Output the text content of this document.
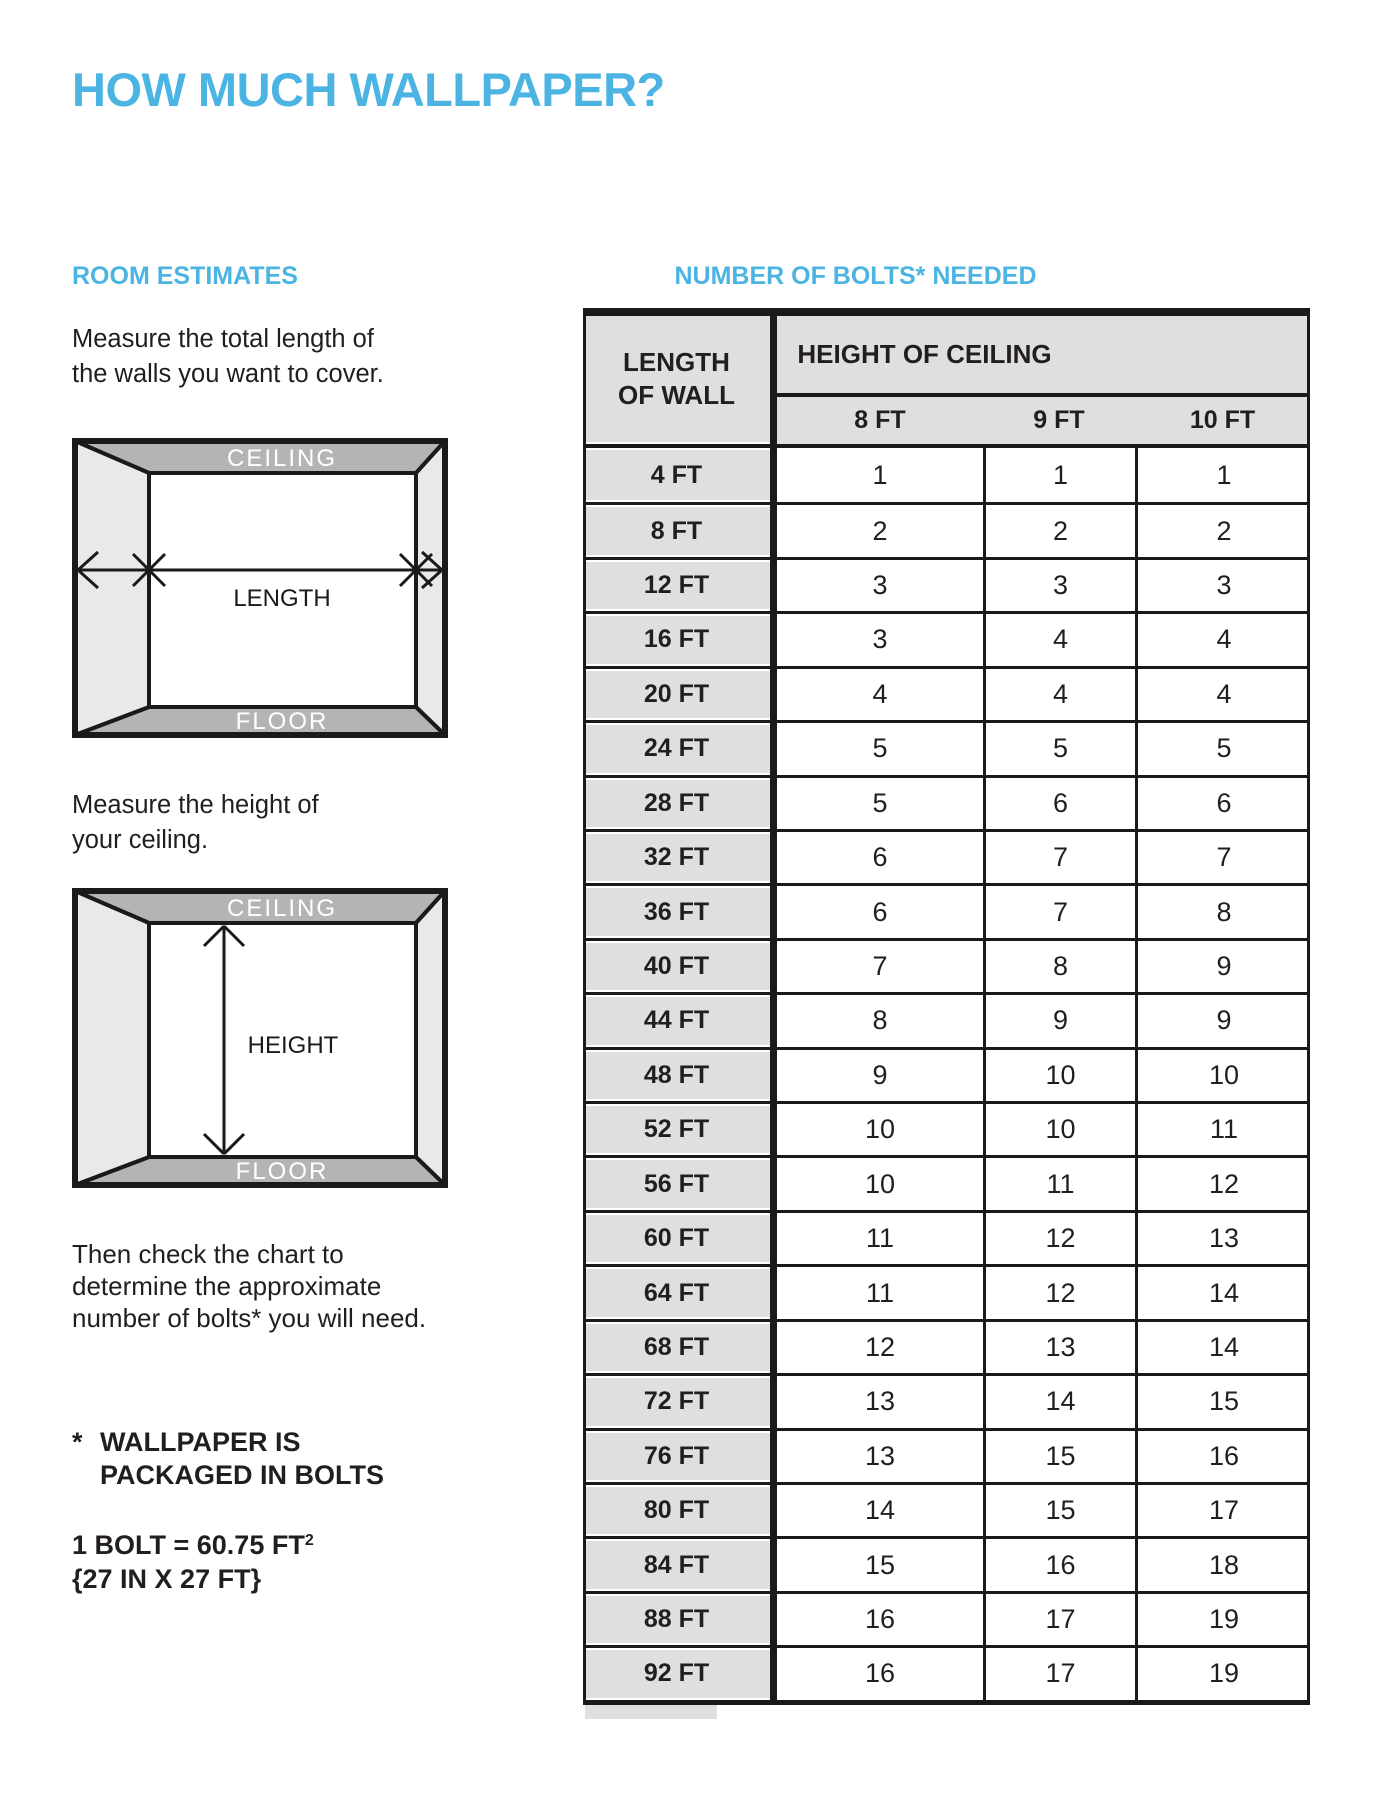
HOW MUCH WALLPAPER?
ROOM ESTIMATES	NUMBER OF BOLTS* NEEDED
Measure the total length of
the walls you want to cover.
CEILING
FLOOR
LENGTH
Measure the height of
your ceiling.
CEILING
FLOOR
HEIGHT
Then check the chart to
determine the approximate
number of bolts* you will need.
* WALLPAPER IS
PACKAGED IN BOLTS
1 BOLT = 60.75 $FT^2$
{27 IN X 27 FT}
LENGTH
OF WALL
HEIGHT OF CEILING
8 FT	9 FT	10 FT
4 FT	1	1	1
8 FT	2	2	2
12 FT	3	3	3
16 FT	3	4	4
20 FT	4	4	4
24 FT	5	5	5
28 FT	5	6	6
32 FT	6	7	7
36 FT	6	7	8
40 FT	7	8	9
44 FT	8	9	9
48 FT	9	10	10
52 FT	10	10	11
56 FT	10	11	12
60 FT	11	12	13
64 FT	11	12	14
68 FT	12	13	14
72 FT	13	14	15
76 FT	13	15	16
80 FT	14	15	17
84 FT	15	16	18
88 FT	16	17	19
92 FT	16	17	19
